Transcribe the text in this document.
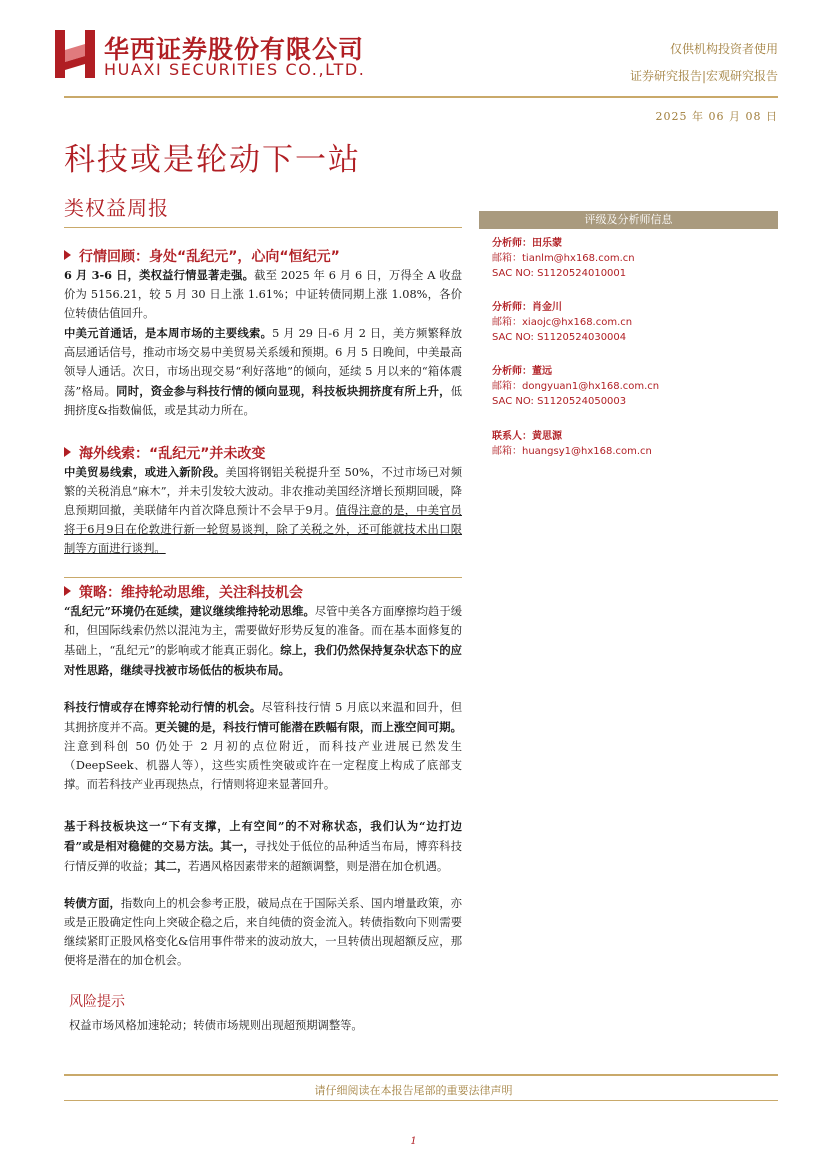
华西证券股份有限公司
HUAXI SECURITIES CO.,LTD.
仅供机构投资者使用
证券研究报告|宏观研究报告
2025 年 06 月 08 日
科技或是轮动下一站
类权益周报	评级及分析师信息
分析师：田乐蒙
邮箱：tianlm@hx168.com.cn
SAC NO: S1120524010001
分析师：肖金川
邮箱：xiaojc@hx168.com.cn
SAC NO: S1120524030004
分析师：董远
邮箱：dongyuan1@hx168.com.cn
SAC NO: S1120524050003
联系人：黄思源
邮箱：huangsy1@hx168.com.cn
行情回顾：身处“乱纪元”，心向“恒纪元”
6 月 3-6 日，类权益行情显著走强。截至 2025 年 6 月 6 日，万得全 A 收盘价为 5156.21，较 5 月 30 日上涨 1.61%；中证转债同期上涨 1.08%，各价位转债估值回升。
中美元首通话，是本周市场的主要线索。5 月 29 日-6 月 2 日，美方频繁释放高层通话信号，推动市场交易中美贸易关系缓和预期。6 月 5 日晚间，中美最高领导人通话。次日，市场出现交易“利好落地”的倾向，延续 5 月以来的“箱体震荡”格局。同时，资金参与科技行情的倾向显现，科技板块拥挤度有所上升，低拥挤度&指数偏低，或是其动力所在。
海外线索：“乱纪元”并未改变
中美贸易线索，或进入新阶段。美国将钢铝关税提升至 50%，不过市场已对频繁的关税消息“麻木”，并未引发较大波动。非农推动美国经济增长预期回暖，降息预期回撤，美联储年内首次降息预计不会早于9月。值得注意的是，中美官员将于6月9日在伦敦进行新一轮贸易谈判，除了关税之外，还可能就技术出口限制等方面进行谈判。
策略：维持轮动思维，关注科技机会
“乱纪元”环境仍在延续，建议继续维持轮动思维。尽管中美各方面摩擦均趋于缓和，但国际线索仍然以混沌为主，需要做好形势反复的准备。而在基本面修复的基础上，“乱纪元”的影响或才能真正弱化。综上，我们仍然保持复杂状态下的应对性思路，继续寻找被市场低估的板块布局。
科技行情或存在博弈轮动行情的机会。尽管科技行情 5 月底以来温和回升，但其拥挤度并不高。更关键的是，科技行情可能潜在跌幅有限，而上涨空间可期。注意到科创 50 仍处于 2 月初的点位附近，而科技产业进展已然发生（DeepSeek、机器人等），这些实质性突破或许在一定程度上构成了底部支撑。而若科技产业再现热点，行情则将迎来显著回升。
基于科技板块这一“下有支撑，上有空间”的不对称状态，我们认为“边打边看”或是相对稳健的交易方法。其一，寻找处于低位的品种适当布局，博弈科技行情反弹的收益；其二，若遇风格因素带来的超额调整，则是潜在加仓机遇。
转债方面，指数向上的机会参考正股，破局点在于国际关系、国内增量政策，亦或是正股确定性向上突破企稳之后，来自纯债的资金流入。转债指数向下则需要继续紧盯正股风格变化&信用事件带来的波动放大，一旦转债出现超额反应，那便将是潜在的加仓机会。
风险提示
权益市场风格加速轮动；转债市场规则出现超预期调整等。
请仔细阅读在本报告尾部的重要法律声明
1
